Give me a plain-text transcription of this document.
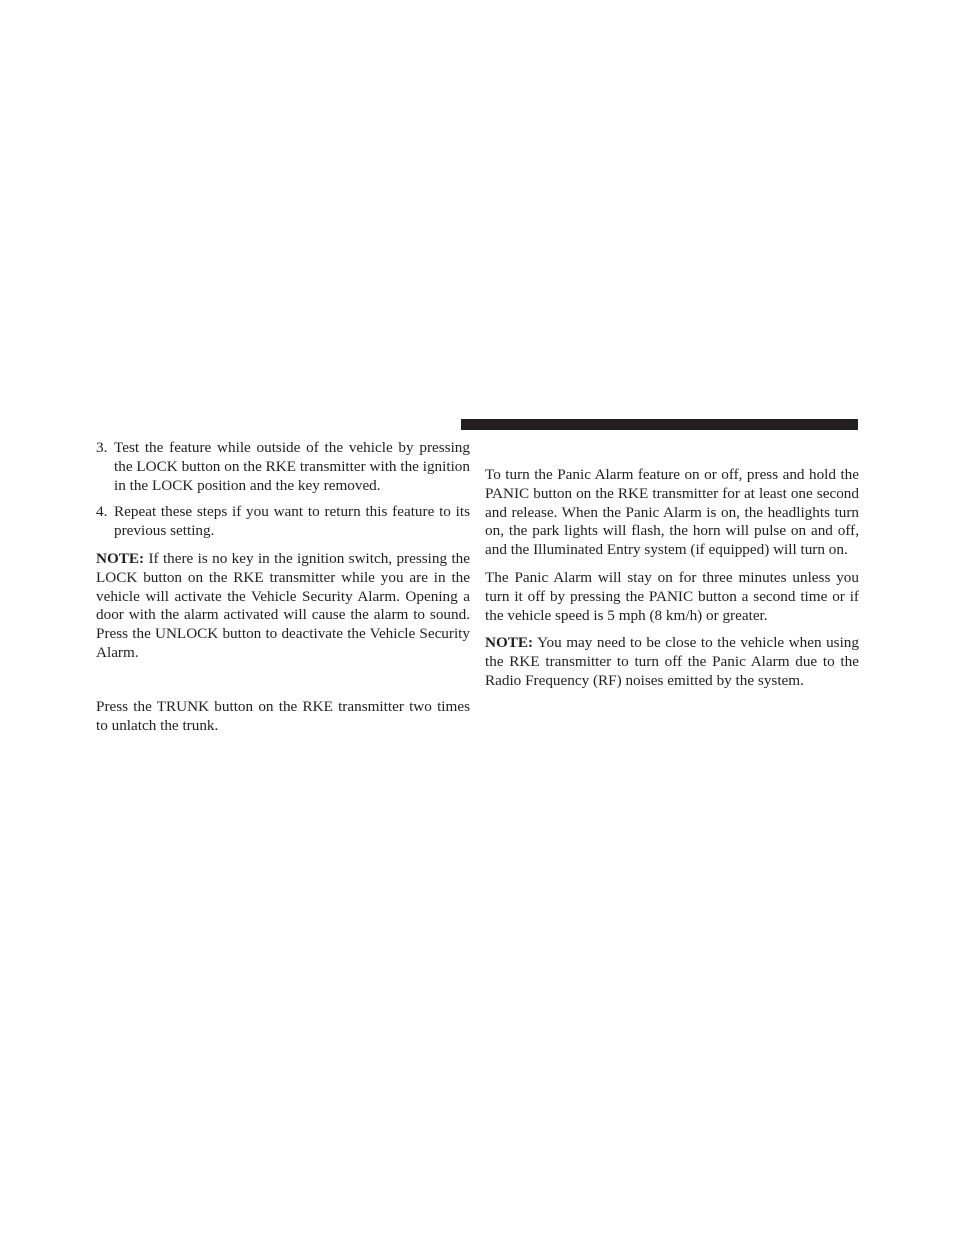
3. Test the feature while outside of the vehicle by pressing the LOCK button on the RKE transmitter with the ignition in the LOCK position and the key removed.
4. Repeat these steps if you want to return this feature to its previous setting.

NOTE: If there is no key in the ignition switch, pressing the LOCK button on the RKE transmitter while you are in the vehicle will activate the Vehicle Security Alarm. Opening a door with the alarm activated will cause the alarm to sound. Press the UNLOCK button to deactivate the Vehicle Security Alarm.

Press the TRUNK button on the RKE transmitter two times to unlatch the trunk.

To turn the Panic Alarm feature on or off, press and hold the PANIC button on the RKE transmitter for at least one second and release. When the Panic Alarm is on, the headlights turn on, the park lights will flash, the horn will pulse on and off, and the Illuminated Entry system (if equipped) will turn on.

The Panic Alarm will stay on for three minutes unless you turn it off by pressing the PANIC button a second time or if the vehicle speed is 5 mph (8 km/h) or greater.

NOTE: You may need to be close to the vehicle when using the RKE transmitter to turn off the Panic Alarm due to the Radio Frequency (RF) noises emitted by the system.
